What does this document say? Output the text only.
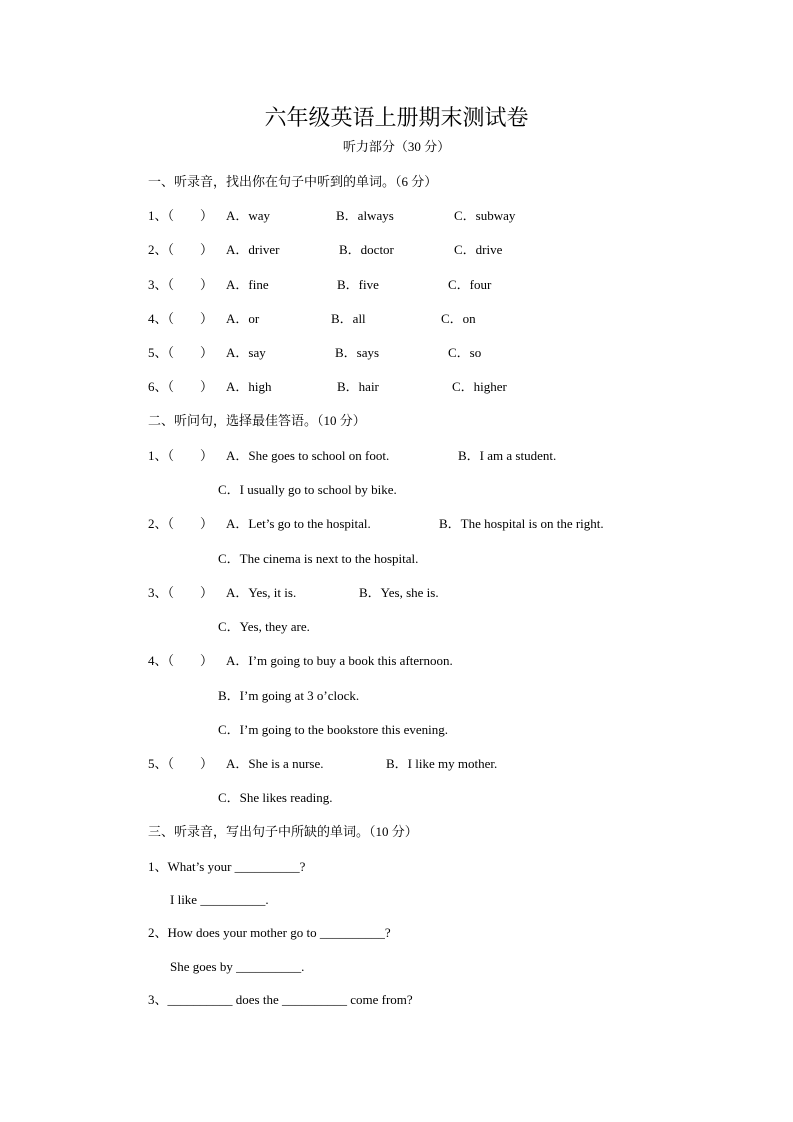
六年级英语上册期末测试卷
听力部分（30 分）
一、听录音，找出你在句子中听到的单词。（6 分）
1、（　　） A．way	B．always	C．subway
2、（　　） A．driver	B．doctor	C．drive
3、（　　） A．fine	B．five	C．four
4、（　　） A．or	B．all	C．on
5、（　　） A．say	B．says	C．so
6、（　　） A．high	B．hair	C．higher
二、听问句，选择最佳答语。（10 分）
1、（　　） A．She goes to school on foot.	B．I am a student.
C．I usually go to school by bike.
2、（　　） A．Let’s go to the hospital.	B．The hospital is on the right.
C．The cinema is next to the hospital.
3、（　　） A．Yes, it is.	B．Yes, she is.
C．Yes, they are.
4、（　　） A．I’m going to buy a book this afternoon.
B．I’m going at 3 o’clock.
C．I’m going to the bookstore this evening.
5、（　　） A．She is a nurse.	B．I like my mother.
C．She likes reading.
三、听录音，写出句子中所缺的单词。（10 分）
1、What’s your __________?
I like __________.
2、How does your mother go to __________?
She goes by __________.
3、__________ does the __________ come from?
